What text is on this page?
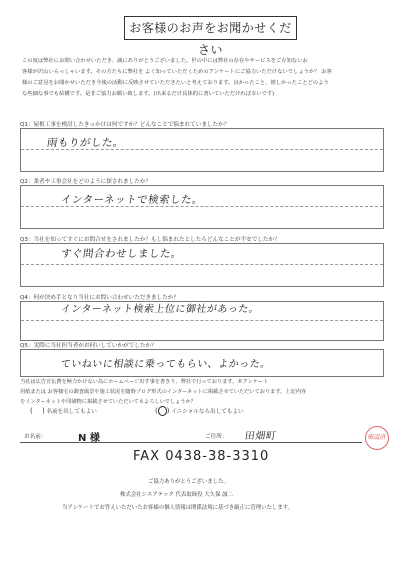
お客様のお声をお聞かせください

この度は弊社にお問い合わせいただき、誠にありがとうございました。世の中には弊社の存在やサービスをご存知ないお

客様が沢山いらっしゃいます。その方たちに弊社を よく知っていただくためのアンケートにご協力いただけないでしょうか？ お客

様のご意見をお聞かせいただき今後の活動に反映させていただきたいと考えております。良かったこと、嬉しかったことどのよう

な些細な事でも結構です。是非ご協力お願い致します。(出来るだけ具体的に書いていただければ幸いです)

Q1：屋根工事を検討したきっかけは何ですか？どんなことで悩まれていましたか？
雨もりがした。
Q2：業者や工事会社をどのように探されましたか？
インターネットで検索した。
Q3：当社を知ってすぐにお問合せをされましたか？もし悩まれたとしたらどんなことが不安でしたか？
すぐ問合わせしました。
Q4：何が決め手となり当社にお問い合わせいただきましたか？
インターネット検索上位に御社があった。
Q5：実際に当社担当者がお伺いしていかがでしたか？
ていねいに相談に乗ってもらい、よかった。

当社は広告宣伝費を極力かけない為にホームページ出す事を書きり、弊社で行っております。本アンケート

用紙または お客様宅の調査風景や施工状況を随時ブログ形式のインターネットに掲載させていただいております。上記内容

をインターネットや印刷物に掲載させていただいてもよろしいでしょうか？

(　 ) 名前を出してもよい	(○) イニシャルなら出してもよい
お名前：	N 様	ご住所： 田畑町	確認済
FAX 0438-38-3310
ご協力ありがとうございました。
株式会社シエアテック 代表取締役 大久保 誠二
当アンケートでお答えいただいたお客様の個人情報は関係法規に基づき厳正に管理いたします。
